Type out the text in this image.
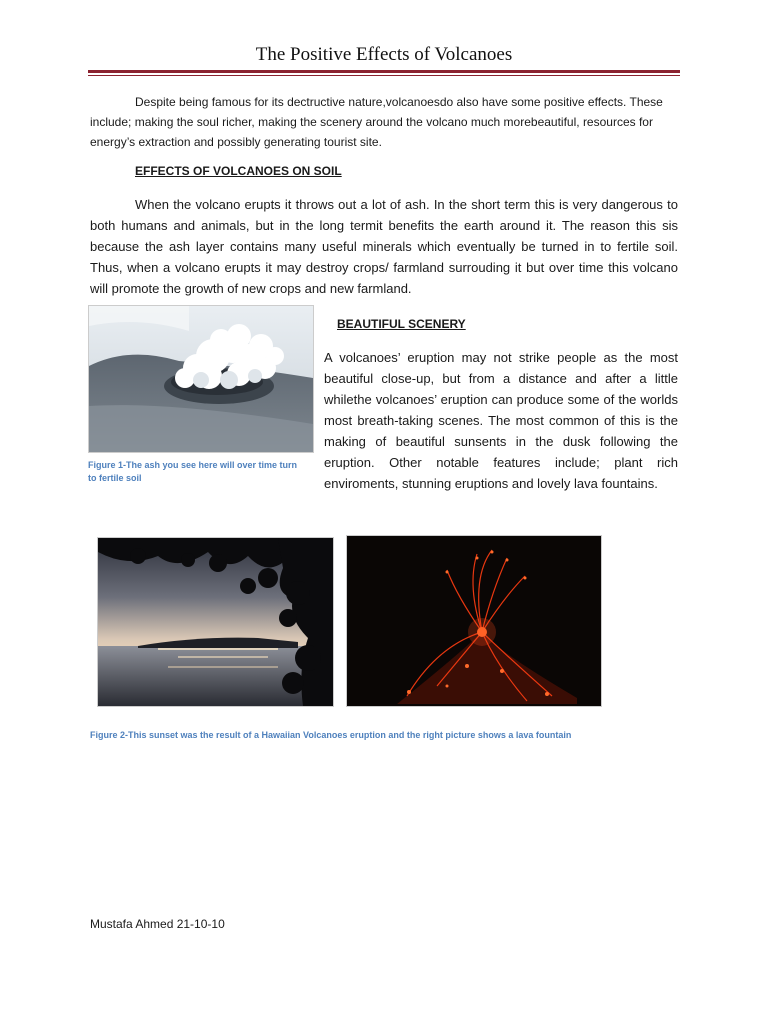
The Positive Effects of Volcanoes

Despite being famous for its dectructive nature,volcanoesdo also have some positive effects. These include; making the soul richer, making the scenery around the volcano much morebeautiful, resources for energy’s extraction and possibly generating tourist site.

EFFECTS OF VOLCANOES ON SOIL

When the volcano erupts it throws out a lot of ash. In the short term this is very dangerous to both humans and animals, but in the long termit benefits the earth around it. The reason this sis because the ash layer contains many useful minerals which eventually be turned in to fertile soil. Thus, when a volcano erupts it may destroy crops/ farmland surrouding it but over time this volcano will promote the growth of new crops and new farmland.

Figure 1-The ash you see here will over time turn to fertile soil

BEAUTIFUL SCENERY

A volcanoes’ eruption may not strike people as the most beautiful close-up, but from a distance and after a little whilethe volcanoes’ eruption can produce some of the worlds most breath-taking scenes. The most common of this is the making of beautiful sunsents in the dusk following the eruption. Other notable features include; plant rich enviroments, stunning eruptions and lovely lava fountains.

Figure 2-This sunset was the result of a Hawaiian Volcanoes eruption and the right picture shows a lava fountain

Mustafa Ahmed 21-10-10
